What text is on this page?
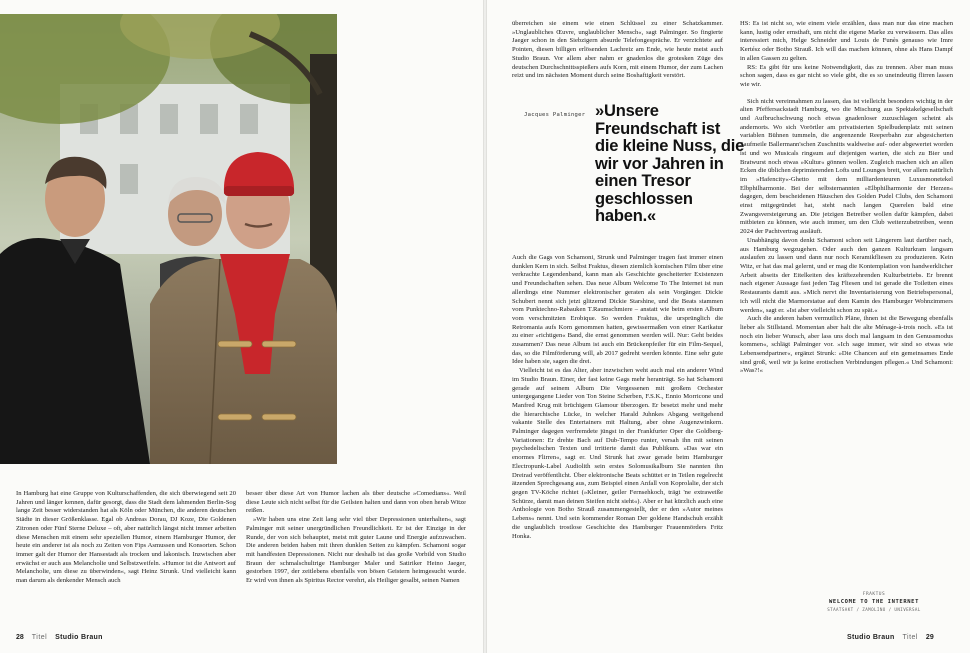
In Hamburg hat eine Gruppe von Kulturschaffenden, die sich überwiegend seit 20 Jahren und länger kennen, dafür gesorgt, dass die Stadt dem lahmenden Berlin-Sog lange Zeit besser widerstanden hat als Köln oder München, die anderen deutschen Städte in dieser Größenklasse. Egal ob Andreas Dorau, DJ Koze, Die Goldenen Zitronen oder Fünf Sterne Deluxe – oft, aber natürlich längst nicht immer arbeiten diese Menschen mit einem sehr speziellen Humor, einem Hamburger Humor, der heute ein anderer ist als noch zu Zeiten von Fips Asmussen und Konsorten. Schon immer galt der Humor der Hansestadt als trocken und lakonisch. Inzwischen aber erwächst er auch aus Melancholie und Selbstzweifeln. »Humor ist die Antwort auf Melancholie, um diese zu überwinden«, sagt Heinz Strunk. Und vielleicht kann man darum als denkender Mensch auch

besser über diese Art von Humor lachen als über deutsche »Comedians«. Weil diese Leute sich nicht selbst für die Geilsten halten und dann von oben herab Witze reißen.

»Wir haben uns eine Zeit lang sehr viel über Depressionen unterhalten«, sagt Palminger mit seiner unergründlichen Freundlichkeit. Er ist der Einzige in der Runde, der von sich behauptet, meist mit guter Laune und Energie aufzuwachen. Die anderen beiden haben mit ihren dunklen Seiten zu kämpfen. Schamoni sogar mit handfesten Depressionen. Nicht nur deshalb ist das große Vorbild von Studio Braun der schmalschultrige Hamburger Maler und Satiriker Heino Jaeger, gestorben 1997, der zeitlebens ebenfalls von bösen Geistern heimgesucht wurde. Er wird von ihnen als Spiritus Rector verehrt, als Heiliger gesalbt, seinen Namen

28 Titel Studio Braun

überreichen sie einem wie einen Schlüssel zu einer Schatzkammer. »Unglaubliches Œuvre, unglaublicher Mensch«, sagt Palminger. So fingierte Jaeger schon in den Siebzigern absurde Telefongespräche. Er verzichtete auf Pointen, diesen billigen erlösenden Lachreiz am Ende, wie heute meist auch Studio Braun. Vor allem aber nahm er gnadenlos die grotesken Züge des deutschen Durchschnittsspießers aufs Korn, mit einem Humor, der zum Lachen reizt und im nächsten Moment durch seine Boshaftigkeit verstört.

Auch die Gags von Schamoni, Strunk und Palminger tragen fast immer einen dunklen Kern in sich. Selbst Fraktus, diesen ziemlich komischen Film über eine verkrachte Legendenband, kann man als Geschichte gescheiterter Existenzen und Freundschaften sehen. Das neue Album Welcome To The Internet ist nun allerdings eine Nummer elektronischer geraten als sein Vorgänger. Dickie Schubert nennt sich jetzt glitzernd Dickie Starshine, und die Beats stammen vom Punktechno-Rabauken T.Raumschmiere – anstatt wie beim ersten Album vom verschmitzten Erobique. So werden Fraktus, die ursprünglich die Retromania aufs Korn genommen hatten, gewissermaßen von einer Karikatur zu einer »richtigen« Band, die ernst genommen werden will. Nur: Geht beides zusammen? Das neue Album ist auch ein Brückenpfeiler für ein Film-Sequel, das, so die Filmförderung will, ab 2017 gedreht werden könnte. Eine sehr gute Idee haben sie, sagen die drei.

Vielleicht ist es das Alter, aber inzwischen weht auch mal ein anderer Wind im Studio Braun. Einer, der fast keine Gags mehr heranträgt. So hat Schamoni gerade auf seinem Album Die Vergessenen mit großem Orchester untergegangene Lieder von Ton Steine Scherben, F.S.K., Ennio Morricone und Manfred Krug mit brüchigem Glamour überzogen. Er besetzt mehr und mehr die hierarchische Lücke, in welcher Harald Juhnkes Abgang weitgehend vakante Stelle des Entertainers mit Haltung, aber ohne Augenzwinkern. Palminger dagegen verfremdete jüngst in der Frankfurter Oper die Goldberg-Variationen: Er drehte Bach auf Dub-Tempo runter, versah ihn mit seinen psychedelischen Texten und irritierte damit das Publikum. »Das war ein enormes Flirren«, sagt er. Und Strunk hat zwar gerade beim Hamburger Electropunk-Label Audiolith sein erstes Solomusikalbum Sie nannten ihn Dreirad veröffentlicht. Über elektronische Beats schüttet er in Teilen regelrecht ätzenden Sprechgesang aus, zum Beispiel einen Anfall von Koprolalie, der sich gegen TV-Köche richtet (»Kleiner, geiler Fernsehkoch, trägt 'ne extraweiße Schürze, damit man deinen Steifen nicht sieht«). Aber er hat kürzlich auch eine Anthologie von Botho Strauß zusammengestellt, der er den »Autor meines Lebens« nennt. Und sein kommender Roman Der goldene Handschuh erzählt die unglaublich trostlose Geschichte des Hamburger Frauenmörders Fritz Honka.

HS: Es ist nicht so, wie einem viele erzählen, dass man nur das eine machen kann, lustig oder ernsthaft, um nicht die eigene Marke zu verwässern. Das alles interessiert mich, Helge Schneider und Louis de Funès genauso wie Imre Kertész oder Botho Strauß. Ich will das machen können, ohne als Hans Dampf in allen Gassen zu gelten.

RS: Es gibt für uns keine Notwendigkeit, das zu trennen. Aber man muss schon sagen, dass es gar nicht so viele gibt, die es so uneindeutig flirren lassen wie wir.

Sich nicht vereinnahmen zu lassen, das ist vielleicht besonders wichtig in der alten Pfeffersackstadt Hamburg, wo die Mischung aus Spektakelgesellschaft und Aufbruchschwung noch etwas gnadenloser zuzuschlagen scheint als andernorts. Wo sich Vorörtler am privatisierten Spielbudenplatz mit seinen variablen Bühnen tummeln, die angrenzende Reeperbahn zur abgesicherten Saufmeile Ballermann'schen Zuschnitts waldweise auf- oder abgewertet worden ist und wo Musicals ringsum auf diejenigen warten, die sich zu Bier und Bratwurst noch etwas »Kultur« gönnen wollen. Zugleich machen sich an allen Ecken die üblichen deprimierenden Lofts und Lounges breit, vor allem natürlich im »Hafencity«-Ghetto mit dem milliardenteuren Luxusmonetekel Elbphilharmonie. Bei der selbsternannten »Elbphilharmonie der Herzen« dagegen, dem bescheidenen Häuschen des Golden Pudel Clubs, den Schamoni einst mitgegründet hat, steht nach langen Querelen bald eine Zwangsversteigerung an. Die jetzigen Betreiber wollen dafür kämpfen, dabei mitbieten zu können, wie auch immer, um den Club weiterzubetreiben, wenn 2024 der Pachtvertrag ausläuft.

Unabhängig davon denkt Schamoni schon seit Längerem laut darüber nach, aus Hamburg wegzugehen. Oder auch den ganzen Kulturkram langsam auslaufen zu lassen und dann nur noch Keramikfliesen zu produzieren. Kein Witz, er hat das mal gelernt, und er mag die Kontemplation von handwerklicher Arbeit abseits der Eitelkeiten des kräftezehrenden Kulturbetriebs. Er brennt nach eigener Aussage fast jeden Tag Fliesen und ist gerade die Toiletten eines Restaurants damit aus. »Mich nervt die Inventarisierung von Betriebspersonal, ich will nicht die Marmorstatue auf dem Kamin des Hamburger Wohnzimmers werden«, sagt er. »Ist aber vielleicht schon zu spät.«

Auch die anderen haben vermutlich Pläne, ihnen ist die Bewegung ebenfalls lieber als Stillstand. Momentan aber halt die alte Ménage-à-trois noch. »Es ist noch ein lieber Wunsch, aber lass uns doch mal langsam in den Genussmodus kommen«, schlägt Palminger vor. »Ich sage immer, wir sind so etwas wie Lebensendpartner«, ergänzt Strunk: »Die Chancen auf ein gemeinsames Ende sind groß, weil wir ja keine erotischen Verbindungen pflegen.« Und Schamoni: »Was?!«

Studio Braun Titel 29
Jacques Palminger »Unsere Freundschaft ist die kleine Nuss, die wir vor Jahren in einen Tresor geschlossen haben.«
FRAKTUS
WELCOME TO THE INTERNET
STAATSAKT / ZAMOLINO / UNIVERSAL
